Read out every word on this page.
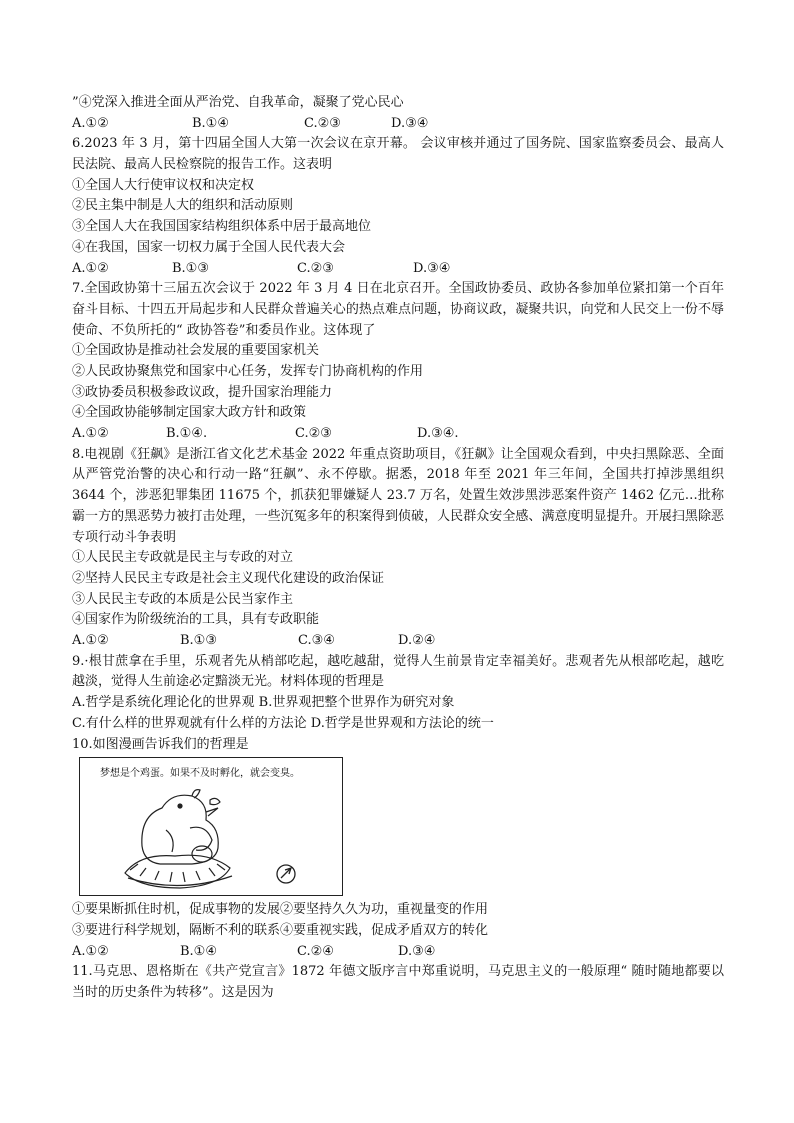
”④党深入推进全面从严治党、自我革命，凝聚了党心民心
A.①②	B.①④	C.②③	D.③④
6.2023 年 3 月，第十四届全国人大第一次会议在京开幕。 会议审核并通过了国务院、国家监察委员会、最高人民法院、最高人民检察院的报告工作。这表明
①全国人大行使审议权和决定权
②民主集中制是人大的组织和活动原则
③全国人大在我国国家结构组织体系中居于最高地位
④在我国，国家一切权力属于全国人民代表大会
A.①②	B.①③	C.②③	D.③④
7.全国政协第十三届五次会议于 2022 年 3 月 4 日在北京召开。全国政协委员、政协各参加单位紧扣第一个百年奋斗目标、十四五开局起步和人民群众普遍关心的热点难点问题，协商议政，凝聚共识，向党和人民交上一份不辱使命、不负所托的“ 政协答卷”和委员作业。这体现了
①全国政协是推动社会发展的重要国家机关
②人民政协聚焦党和国家中心任务，发挥专门协商机构的作用
③政协委员积极参政议政，提升国家治理能力
④全国政协能够制定国家大政方针和政策
A.①②	B.①④.	C.②③	D.③④.
8.电视剧《狂飙》是浙江省文化艺术基金 2022 年重点资助项目，《狂飙》让全国观众看到，中央扫黑除恶、全面从严管党治警的决心和行动一路“狂飙”、永不停歇。据悉，2018 年至 2021 年三年间，全国共打掉涉黑组织 3644 个，涉恶犯罪集团 11675 个，抓获犯罪嫌疑人 23.7 万名，处置生效涉黑涉恶案件资产 1462 亿元…批称霸一方的黑恶势力被打击处理，一些沉冤多年的积案得到侦破，人民群众安全感、满意度明显提升。开展扫黑除恶专项行动斗争表明
①人民民主专政就是民主与专政的对立
②坚持人民民主专政是社会主义现代化建设的政治保证
③人民民主专政的本质是公民当家作主
④国家作为阶级统治的工具，具有专政职能
A.①②	B.①③	C.③④	D.②④
9.·根甘蔗拿在手里，乐观者先从梢部吃起，越吃越甜，觉得人生前景肯定幸福美好。悲观者先从根部吃起，越吃越淡，觉得人生前途必定黯淡无光。材料体现的哲理是
A.哲学是系统化理论化的世界观 B.世界观把整个世界作为研究对象
C.有什么样的世界观就有什么样的方法论 D.哲学是世界观和方法论的统一
10.如图漫画告诉我们的哲理是
梦想是个鸡蛋。如果不及时孵化，就会变臭。
①要果断抓住时机，促成事物的发展②要坚持久久为功，重视量变的作用
③要进行科学规划，隔断不利的联系④要重视实践，促成矛盾双方的转化
A.①②	B.①④	C.②④	D.③④
11.马克思、恩格斯在《共产党宣言》1872 年德文版序言中郑重说明，马克思主义的一般原理“ 随时随地都要以当时的历史条件为转移”。这是因为
